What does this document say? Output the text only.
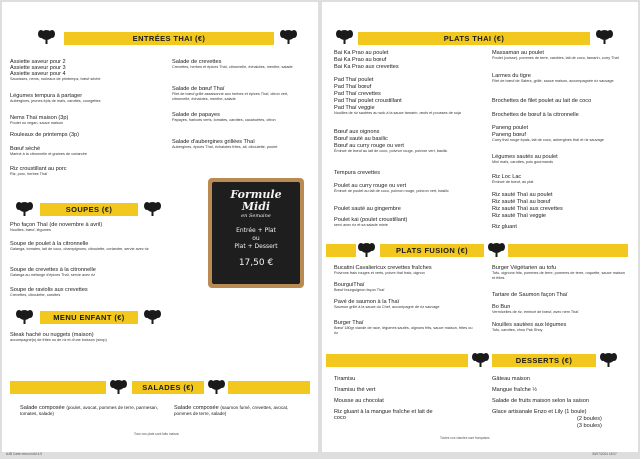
ENTRÉES THAI (€)
Assiette saveur pour 2
Assiette saveur pour 3
Assiette saveur pour 4
Saucisses, nems, rouleaux de printemps, bœuf séché
Légumes tempura à partager
Aubergines, jeunes épis de maïs, carottes, courgettes
Nems Thaï maison (3p)
Poulet ou vegan, sauce maison
Rouleaux de printemps (3p)
Bœuf séché
Mariné à la citronnelle et graines de coriandre
Riz croustillant au porc
Riz, porc, herbes Thaï
Salade de crevettes
Crevettes, herbes et épices Thaï, citronnelle, échalotes, menthe, salade
Salade de bœuf Thaï
Filet de bœuf grillé assaisonné aux herbes et épices Thaï, citron vert, citronnelle, échalotes, menthe, salade
Salade de papayes
Papayes, haricots verts, tomates, carottes, cacahuètes, citron
Salade d'aubergines grillées Thaï
Aubergines, épices Thaï, échalotes frites, ail, ciboulette, poulet
SOUPES (€)
Pho façon Thaï (de novembre à avril)
Nouilles, bœuf, légumes
Soupe de poulet à la citronnelle
Galanga, tomates, lait de coco, champignons, ciboulette, coriandre, servie avec riz
Soupe de crevettes à la citronnelle
Galanga au mélange d'épices Thaï, servie avec riz
Soupe de raviolis aux crevettes
Crevettes, ciboulette, carottes
MENU ENFANT (€)
Steak haché ou nuggets (maison)
accompagné(s) de frites ou de riz et d'une boisson (sirop)
Formule
Midi
en Semaine
Entrée + Plat
ou
Plat + Dessert
17,50 €
SALADES (€)
Salade composée (poulet, avocat, pommes de terre, parmesan, tomates, salade)
Salade composée (saumon fumé, crevettes, avocat, pommes de terre, salade)
Tous nos plats sont faits maison
PLATS THAI (€)
Bai Ka Prao au poulet
Bai Ka Prao au bœuf
Bai Ka Prao aux crevettes
Pad Thaï poulet
Pad Thaï bœuf
Pad Thaï crevettes
Pad Thaï poulet croustillant
Pad Thaï veggie
Nouilles de riz sautées au wok à la sauce tamarin, œufs et pousses de soja
Bœuf aux oignons
Bœuf sauté au basilic
Bœuf au curry rouge ou vert
Émincé de bœuf au lait de coco, poivron rouge, poivron vert, basilic
Tempura crevettes
Poulet au curry rouge ou vert
Émincé de poulet au lait de coco, poivron rouge, poivron vert, basilic
Poulet sauté au gingembre
Poulet kai (poulet croustillant)
servi avec riz et sa salade mixte
Massaman au poulet
Poulet (cuisse), pommes de terre, carottes, lait de coco, tamarin, curry Thaï
Larmes du tigre
Filet de bœuf de Salers, grillé, sauce maison, accompagnée riz sauvage
Brochettes de filet poulet au lait de coco
Brochettes de bœuf à la citronnelle
Paneng poulet
Paneng bœuf
Curry thaï rouge épais, lait de coco, aubergines thaï et riz sauvage
Légumes sautés au poulet
Mini maïs, carottes, pois gourmands
Riz Loc Lac
Émincé de bœuf, au plat
Riz sauté Thaï au poulet
Riz sauté Thaï au bœuf
Riz sauté Thaï aux crevettes
Riz sauté Thaï veggie
Riz gluant
PLATS FUSION (€)
Bucatini Cavaliericux crevettes fraîches
Poivrons frais rouges et verts, poivre thaï frais, oignon
BourguiThaï
Bœuf bourguignon façon Thaï
Pavé de saumon à la Thaï
Saumon grillé à la sauce du Chef, accompagné de riz sauvage
Burger Thaï
Bœuf 180gr viande de race, légumes sautés, oignons frits, sauce maison, frites ou riz
Burger Végétarien au tofu
Tofu, oignons frits, pommes de terre, pommes de terre, roquette, sauce maison et frites
Tartare de Saumon façon Thaï
Bo Bun
Vermicelles de riz, émincé de bœuf, avec nem Thaï
Nouilles sautées aux légumes
Tofu, carottes, chou Pak Shoy
DESSERTS (€)
Tiramisu
Tiramisu thé vert
Mousse au chocolat
Riz gluant à la mangue fraîche et lait de coco
Gâteau maison
Mangue fraîche ½
Salade de fruits maison selon la saison
Glace artisanale Enzo et Lily (1 boule)
(2 boules)
(3 boules)
Toutes nos viandes sont françaises
A4B Carte menu.indd 4-5	30/07/2024 18:07
